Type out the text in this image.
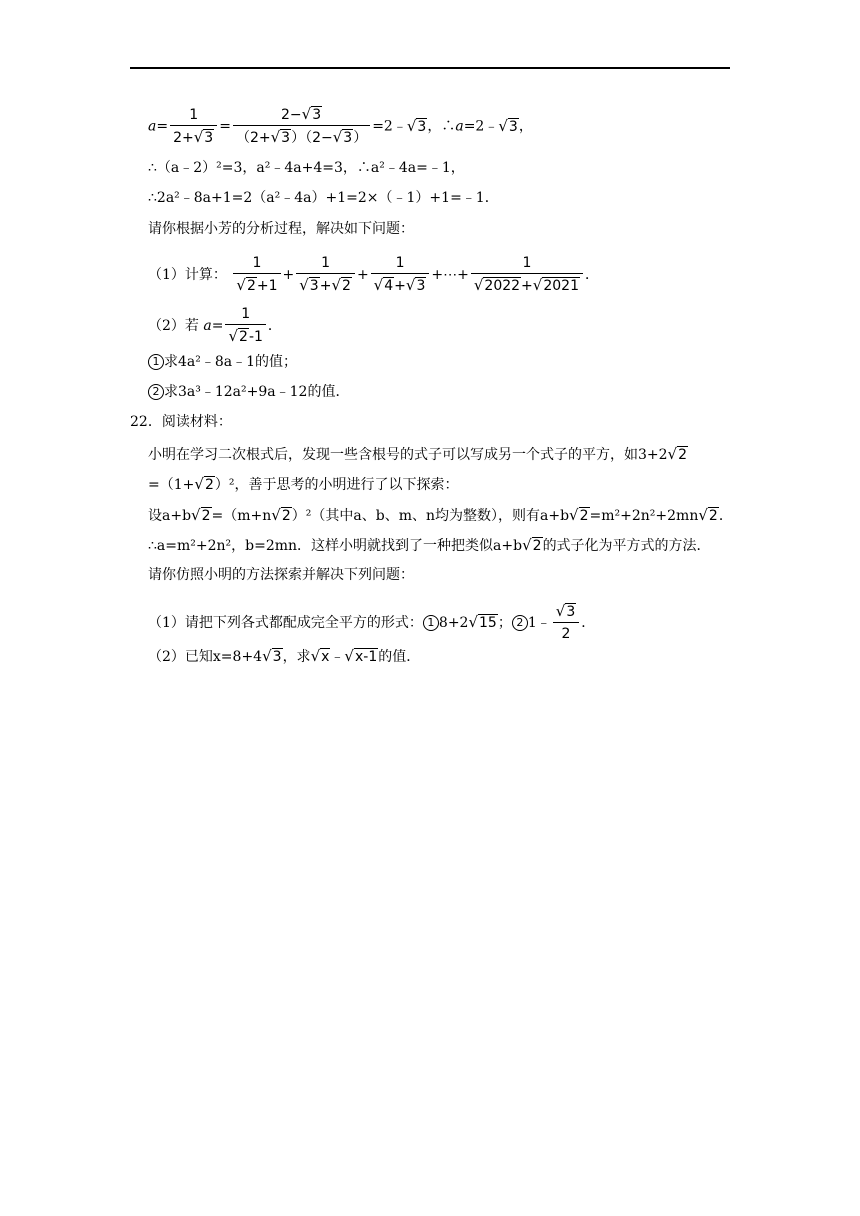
$a= \frac{1}{2+√3} = \frac{2-√3}{(2+√3)(2-√3)}$ =2﹣√3，∴a=2﹣√3，
∴（a﹣2）²=3，a²﹣4a+4=3，∴a²﹣4a=﹣1，
∴2a²﹣8a+1=2（a²﹣4a）+1=2×（﹣1）+1=﹣1．
请你根据小芳的分析过程，解决如下问题：
（1）计算： $\frac{1}{√2+1} + \frac{1}{√3+√2} + \frac{1}{√4+√3}$ +⋯+ $\frac{1}{√2022+√2021}$ ．
（2）若 $a= \frac{1}{√2-1}$ ．
1 求4a²﹣8a﹣1的值；
2 求3a³﹣12a²+9a﹣12的值．
22．阅读材料：
小明在学习二次根式后，发现一些含根号的式子可以写成另一个式子的平方，如3+2√2
=（1+√2）²，善于思考的小明进行了以下探索：
设a+b√2=（m+n√2）²（其中a、b、m、n均为整数），则有a+b√2=m²+2n²+2mn√2．
∴a=m²+2n²，b=2mn．这样小明就找到了一种把类似a+b√2的式子化为平方式的方法．
请你仿照小明的方法探索并解决下列问题：
（1）请把下列各式都配成完全平方的形式： 1 8+2√15； 2 1﹣ $\frac{√3}{2}$ ．
（2）已知x=8+4√3，求√x﹣√x-1的值．
